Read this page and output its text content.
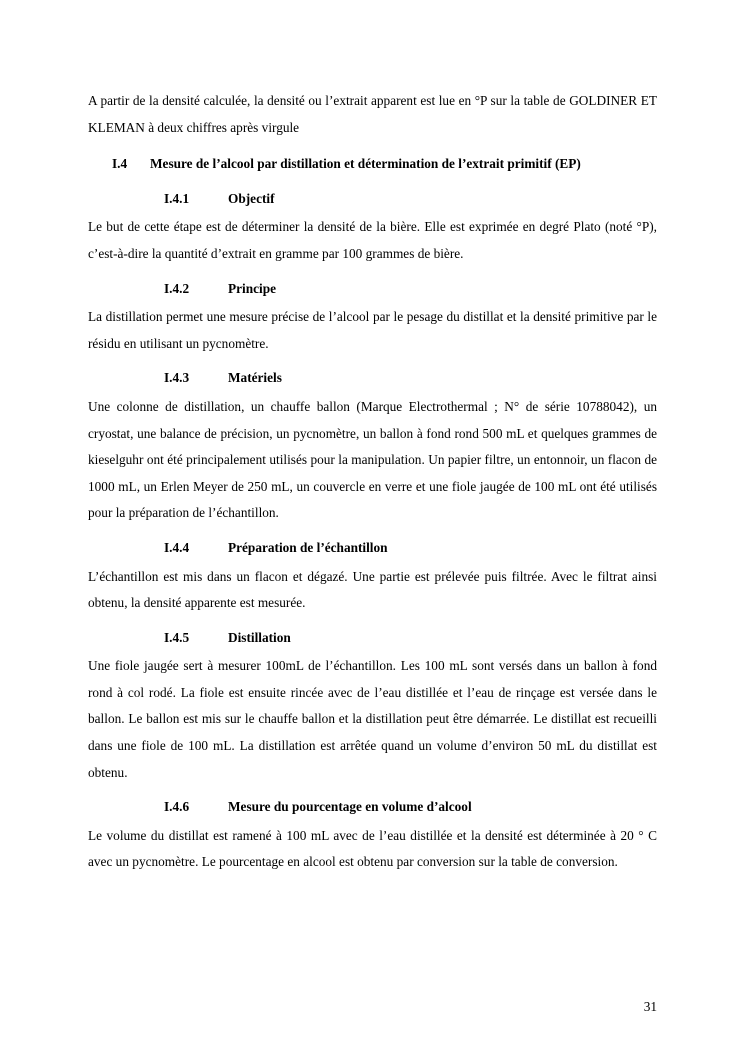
A partir de la densité calculée, la densité ou l’extrait apparent est lue en °P sur la table de GOLDINER ET KLEMAN à deux chiffres après virgule

I.4	Mesure de l’alcool par distillation et détermination de l’extrait primitif (EP)
I.4.1	Objectif

Le but de cette étape est de déterminer la densité de la bière. Elle est exprimée en degré Plato (noté °P), c’est-à-dire la quantité d’extrait en gramme par 100 grammes de bière.

I.4.2	Principe

La distillation permet une mesure précise de l’alcool par le pesage du distillat et la densité primitive par le résidu en utilisant un pycnomètre.

I.4.3	Matériels

Une colonne de distillation, un chauffe ballon (Marque Electrothermal ; N° de série 10788042), un cryostat, une balance de précision, un pycnomètre, un ballon à fond rond 500 mL et quelques grammes de kieselguhr ont été principalement utilisés pour la manipulation. Un papier filtre, un entonnoir, un flacon de 1000 mL, un Erlen Meyer de 250 mL, un couvercle en verre et une fiole jaugée de 100 mL ont été utilisés pour la préparation de l’échantillon.

I.4.4	Préparation de l’échantillon

L’échantillon est mis dans un flacon et dégazé. Une partie est prélevée puis filtrée. Avec le filtrat ainsi obtenu, la densité apparente est mesurée.

I.4.5	Distillation

Une fiole jaugée sert à mesurer 100mL de l’échantillon. Les 100 mL sont versés dans un ballon à fond rond à col rodé. La fiole est ensuite rincée avec de l’eau distillée et l’eau de rinçage est versée dans le ballon. Le ballon est mis sur le chauffe ballon et la distillation peut être démarrée. Le distillat est recueilli dans une fiole de 100 mL. La distillation est arrêtée quand un volume d’environ 50 mL du distillat est obtenu.

I.4.6	Mesure du pourcentage en volume d’alcool

Le volume du distillat est ramené à 100 mL avec de l’eau distillée et la densité est déterminée à 20 ° C avec un pycnomètre. Le pourcentage en alcool est obtenu par conversion sur la table de conversion.

31
